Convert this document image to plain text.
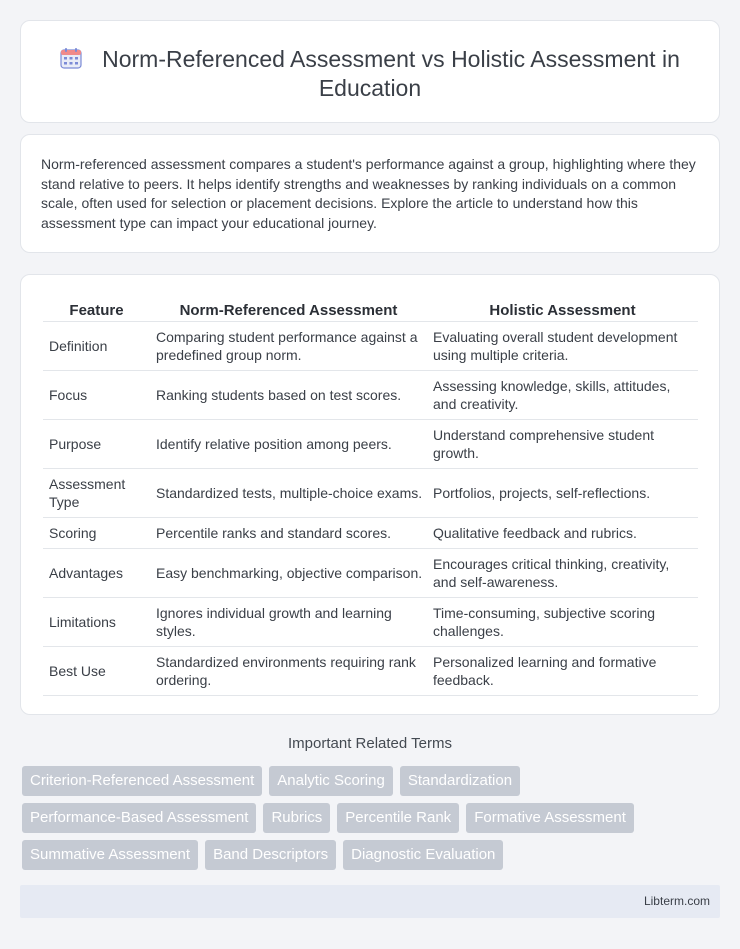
Norm-Referenced Assessment vs Holistic Assessment in Education

Norm-referenced assessment compares a student's performance against a group, highlighting where they stand relative to peers. It helps identify strengths and weaknesses by ranking individuals on a common scale, often used for selection or placement decisions. Explore the article to understand how this assessment type can impact your educational journey.

Feature	Norm-Referenced Assessment	Holistic Assessment
Definition	Comparing student performance against a predefined group norm.	Evaluating overall student development using multiple criteria.
Focus	Ranking students based on test scores.	Assessing knowledge, skills, attitudes, and creativity.
Purpose	Identify relative position among peers.	Understand comprehensive student growth.
Assessment Type	Standardized tests, multiple-choice exams.	Portfolios, projects, self-reflections.
Scoring	Percentile ranks and standard scores.	Qualitative feedback and rubrics.
Advantages	Easy benchmarking, objective comparison.	Encourages critical thinking, creativity, and self-awareness.
Limitations	Ignores individual growth and learning styles.	Time-consuming, subjective scoring challenges.
Best Use	Standardized environments requiring rank ordering.	Personalized learning and formative feedback.
Important Related Terms
Criterion-Referenced Assessment	Analytic Scoring	Standardization
Performance-Based Assessment	Rubrics	Percentile Rank	Formative Assessment
Summative Assessment	Band Descriptors	Diagnostic Evaluation
Libterm.com
